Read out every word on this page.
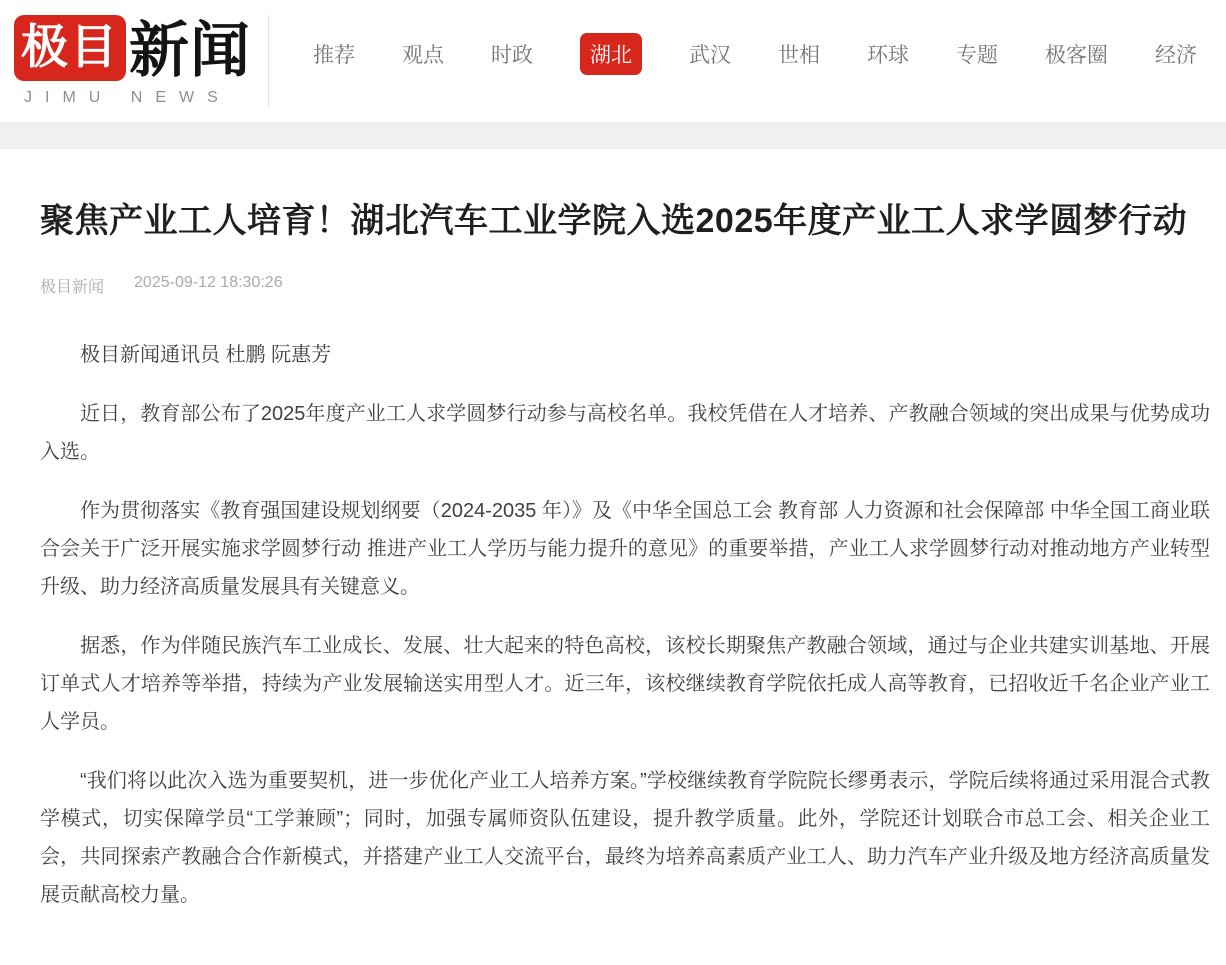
极目 新闻
JIMU NEWS
推荐 观点 时政	湖北	武汉 世相 环球 专题 极客圈 经济
聚焦产业工人培育！湖北汽车工业学院入选2025年度产业工人求学圆梦行动
极目新闻 2025-09-12 18:30:26

极目新闻通讯员 杜鹏 阮惠芳

近日，教育部公布了2025年度产业工人求学圆梦行动参与高校名单。我校凭借在人才培养、产教融合领域的突出成果与优势成功入选。

作为贯彻落实《教育强国建设规划纲要（2024-2035 年）》及《中华全国总工会 教育部 人力资源和社会保障部 中华全国工商业联合会关于广泛开展实施求学圆梦行动 推进产业工人学历与能力提升的意见》的重要举措，产业工人求学圆梦行动对推动地方产业转型升级、助力经济高质量发展具有关键意义。

据悉，作为伴随民族汽车工业成长、发展、壮大起来的特色高校，该校长期聚焦产教融合领域，通过与企业共建实训基地、开展订单式人才培养等举措，持续为产业发展输送实用型人才。近三年，该校继续教育学院依托成人高等教育，已招收近千名企业产业工人学员。

“我们将以此次入选为重要契机，进一步优化产业工人培养方案。”学校继续教育学院院长缪勇表示，学院后续将通过采用混合式教学模式，切实保障学员“工学兼顾”；同时，加强专属师资队伍建设，提升教学质量。此外，学院还计划联合市总工会、相关企业工会，共同探索产教融合合作新模式，并搭建产业工人交流平台，最终为培养高素质产业工人、助力汽车产业升级及地方经济高质量发展贡献高校力量。
